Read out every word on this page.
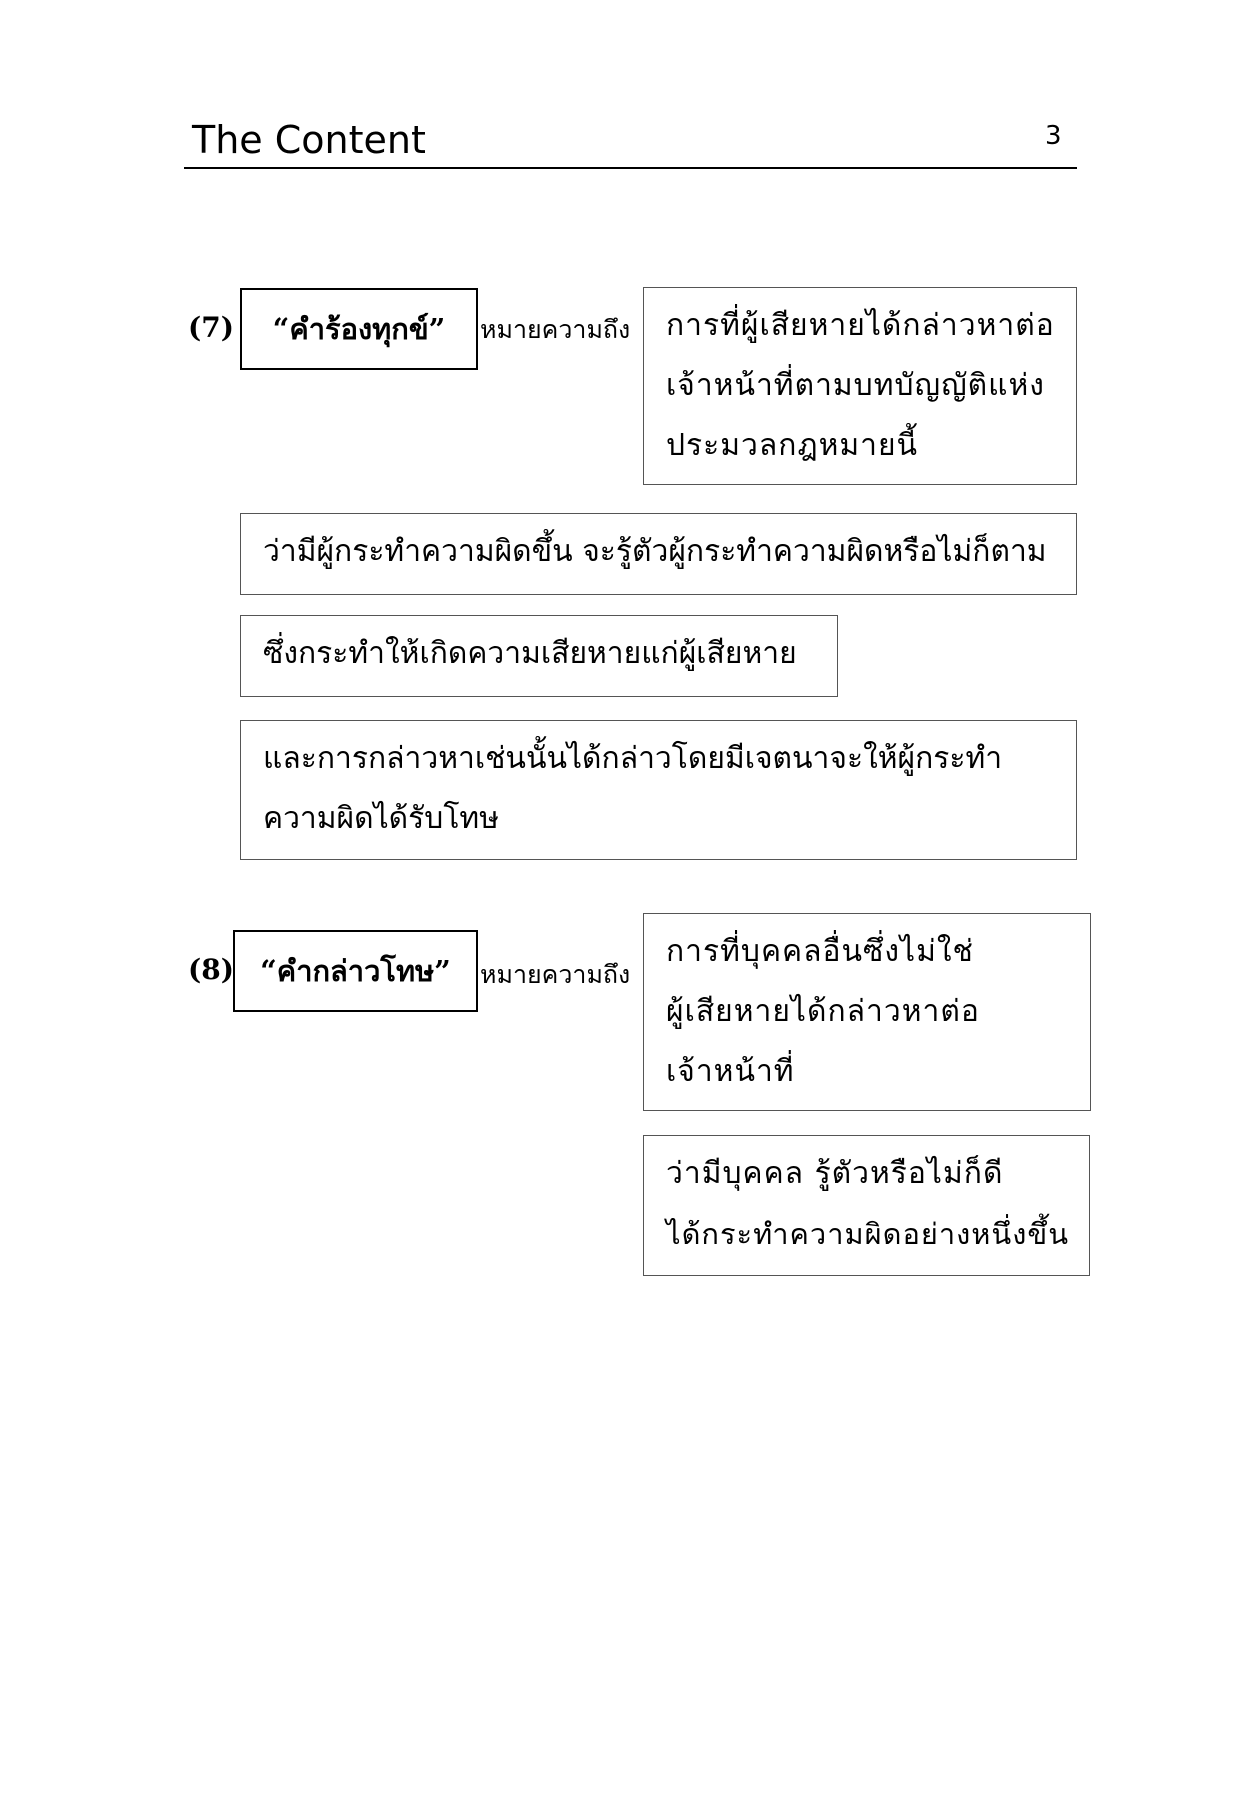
The Content	3
(7) “คำร้องทุกข์” หมายความถึง การที่ผู้เสียหายได้กล่าวหาต่อ
เจ้าหน้าที่ตามบทบัญญัติแห่ง
ประมวลกฎหมายนี้
ว่ามีผู้กระทำความผิดขึ้น จะรู้ตัวผู้กระทำความผิดหรือไม่ก็ตาม
ซึ่งกระทำให้เกิดความเสียหายแก่ผู้เสียหาย
และการกล่าวหาเช่นนั้นได้กล่าวโดยมีเจตนาจะให้ผู้กระทำ
ความผิดได้รับโทษ
(8) “คำกล่าวโทษ” หมายความถึง
การที่บุคคลอื่นซึ่งไม่ใช่
ผู้เสียหายได้กล่าวหาต่อ
เจ้าหน้าที่
ว่ามีบุคคล รู้ตัวหรือไม่ก็ดี
ได้กระทำความผิดอย่างหนึ่งขึ้น
